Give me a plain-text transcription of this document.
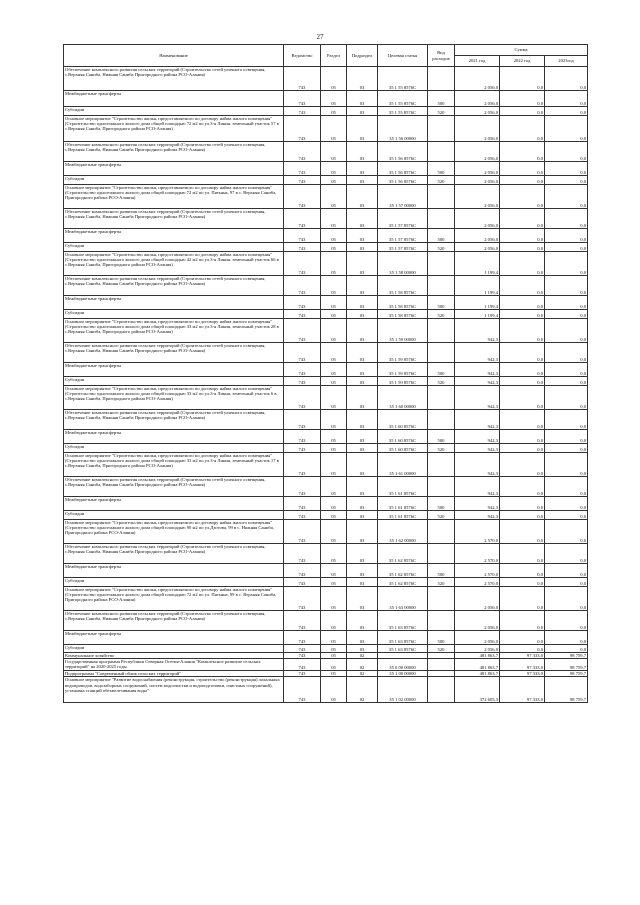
27
Наименование	Ведомство	Раздел	Подраздел	Целевая статья	Вид расходов	Сумма		
						2021 год	2022 год	2023год
Обеспечение комплексного развития сельских территорий (Строительство сетей уличного освещения, с.Верхняя Санибa, Нижняя Санибa Пригородного района РСО-Алания)	743	05	03	35 1 55 8576С		2 056,0	0,0	0,0
Межбюджетные трансферты	743	05	03	35 1 55 8576С	500	2 056,0	0,0	0,0
Субсидии	743	05	03	35 1 55 8576С	520	2 056,0	0,0	0,0
Основное мероприятие "Строительство жилья, предоставляемого по договору найма жилого помещения" (Строительство одноэтажного жилого дома общей площадью 72 м2 по ул.3-я Линия, земельный участок 57 в с.Верхняя Санибa, Пригородного района РСО-Алания)	743	05	03	35 1 56 00000		2 056,0	0,0	0,0
Обеспечение комплексного развития сельских территорий (Строительство сетей уличного освещения, с.Верхняя Санибa, Нижняя Санибa Пригородного района РСО-Алания)	743	05	03	35 1 56 8576С		2 056,0	0,0	0,0
Межбюджетные трансферты	743	05	03	35 1 56 8576С	500	2 056,0	0,0	0,0
Субсидии	743	05	03	35 1 56 8576С	520	2 056,0	0,0	0,0
Основное мероприятие "Строительство жилья, предоставляемого по договору найма жилого помещения" (Строительство одноэтажного жилого дома общей площадью 72 м2 по ул. Пятьяна, 97 в с. Верхняя Санибa, Пригородного района РСО-Алания)	743	05	03	35 1 57 00000		2 056,0	0,0	0,0
Обеспечение комплексного развития сельских территорий (Строительство сетей уличного освещения, с.Верхняя Санибa, Нижняя Санибa Пригородного района РСО-Алания)	743	05	03	35 1 57 8576С		2 056,0	0,0	0,0
Межбюджетные трансферты	743	05	03	35 1 57 8576С	500	2 056,0	0,0	0,0
Субсидии	743	05	03	35 1 57 8576С	520	2 056,0	0,0	0,0
Основное мероприятие "Строительство жилья, предоставляемого по договору найма жилого помещения" (Строительство одноэтажного жилого дома общей площадью 42 м2 по ул.3-я Линия, земельный участок 66 в с.Верхняя Санибa, Пригородного района РСО-Алания)	743	05	03	35 1 58 00000		1 199,4	0,0	0,0
Обеспечение комплексного развития сельских территорий (Строительство сетей уличного освещения, с.Верхняя Санибa, Нижняя Санибa Пригородного района РСО-Алания)	743	05	03	35 1 58 8576С		1 199,4	0,0	0,0
Межбюджетные трансферты	743	05	03	35 1 58 8576С	500	1 199,4	0,0	0,0
Субсидии	743	05	03	35 1 58 8576С	520	1 199,4	0,0	0,0
Основное мероприятие "Строительство жилья, предоставляемого по договору найма жилого помещения" (Строительство одноэтажного жилого дома общей площадью 33 м2 по ул.3-я Линия, земельный участок 28 в с.Верхняя Санибa, Пригородного района РСО-Алания)	743	05	03	35 1 59 00000		942,3	0,0	0,0
Обеспечение комплексного развития сельских территорий (Строительство сетей уличного освещения, с.Верхняя Санибa, Нижняя Санибa Пригородного района РСО-Алания)	743	05	03	35 1 59 8576С		942,3	0,0	0,0
Межбюджетные трансферты	743	05	03	35 1 59 8576С	500	942,3	0,0	0,0
Субсидии	743	05	03	35 1 59 8576С	520	942,3	0,0	0,0
Основное мероприятие "Строительство жилья, предоставляемого по договору найма жилого помещения" (Строительство одноэтажного жилого дома общей площадью 33 м2 по ул.3-я Линия, земельный участок 6 в с.Верхняя Санибa, Пригородного района РСО-Алания)	743	05	03	35 1 60 00000		942,3	0,0	0,0
Обеспечение комплексного развития сельских территорий (Строительство сетей уличного освещения, с.Верхняя Санибa, Нижняя Санибa Пригородного района РСО-Алания)	743	05	03	35 1 60 8576С		942,3	0,0	0,0
Межбюджетные трансферты	743	05	03	35 1 60 8576С	500	942,3	0,0	0,0
Субсидии	743	05	03	35 1 60 8576С	520	942,3	0,0	0,0
Основное мероприятие "Строительство жилья, предоставляемого по договору найма жилого помещения" (Строительство одноэтажного жилого дома общей площадью 33 м2 по ул.3-я Линия, земельный участок 17 в с.Верхняя Санибa, Пригородного района РСО-Алания)	743	05	03	35 1 61 00000		942,3	0,0	0,0
Обеспечение комплексного развития сельских территорий (Строительство сетей уличного освещения, с.Верхняя Санибa, Нижняя Санибa Пригородного района РСО-Алания)	743	05	03	35 1 61 8576С		942,3	0,0	0,0
Межбюджетные трансферты	743	05	03	35 1 61 8576С	500	942,3	0,0	0,0
Субсидии	743	05	03	35 1 61 8576С	520	942,3	0,0	0,0
Основное мероприятие "Строительство жилья, предоставляемого по договору найма жилого помещения" (Строительство одноэтажного жилого дома общей площадью 90 м2 по ул.Дзотова, 99 в с. Нижняя Санибa, Пригородного района РСО-Алания)	743	05	03	35 1 62 00000		2 570,0	0,0	0,0
Обеспечение комплексного развития сельских территорий (Строительство сетей уличного освещения, с.Верхняя Санибa, Нижняя Санибa Пригородного района РСО-Алания)	743	05	03	35 1 62 8576С		2 570,0	0,0	0,0
Межбюджетные трансферты	743	05	03	35 1 62 8576С	500	2 570,0	0,0	0,0
Субсидии	743	05	03	35 1 62 8576С	520	2 570,0	0,0	0,0
Основное мероприятие "Строительство жилья, предоставляемого по договору найма жилого помещения" (Строительство одноэтажного жилого дома общей площадью 72 м2 по ул. Пятьяна, 99 в с. Верхняя Санибa, Пригородного района РСО-Алания)	743	05	03	35 1 63 00000		2 056,0	0,0	0,0
Обеспечение комплексного развития сельских территорий (Строительство сетей уличного освещения, с.Верхняя Санибa, Нижняя Санибa Пригородного района РСО-Алания)	743	05	03	35 1 63 8576С		2 056,0	0,0	0,0
Межбюджетные трансферты	743	05	03	35 1 63 8576С	500	2 056,0	0,0	0,0
Субсидии	743	05	03	35 1 63 8576С	520	2 056,0	0,0	0,0
Коммунальное хозяйство	743	05	02			481 863,7	97 333,0	98 759,7
Государственная программа Республики Северная Осетия-Алания "Комплексное развитие сельских территорий" на 2020-2025 годы	743	05	02	35 0 00 00000		481 863,7	97 333,0	98 759,7
Подпрограмма "Современный облик сельских территорий"	743	05	02	35 1 00 00000		481 863,7	97 333,0	98 759,7
Основное мероприятие "Развитие водоснабжения (реконструкция, строительство (реконструкция) локальных водопроводов, водозаборных сооружений, систем водоочистки и водоподготовки, очистных сооружений), установка станций обезжелезивания воды"	743	05	02	35 1 02 00000		372 605,3	97 333,0	98 759,7
